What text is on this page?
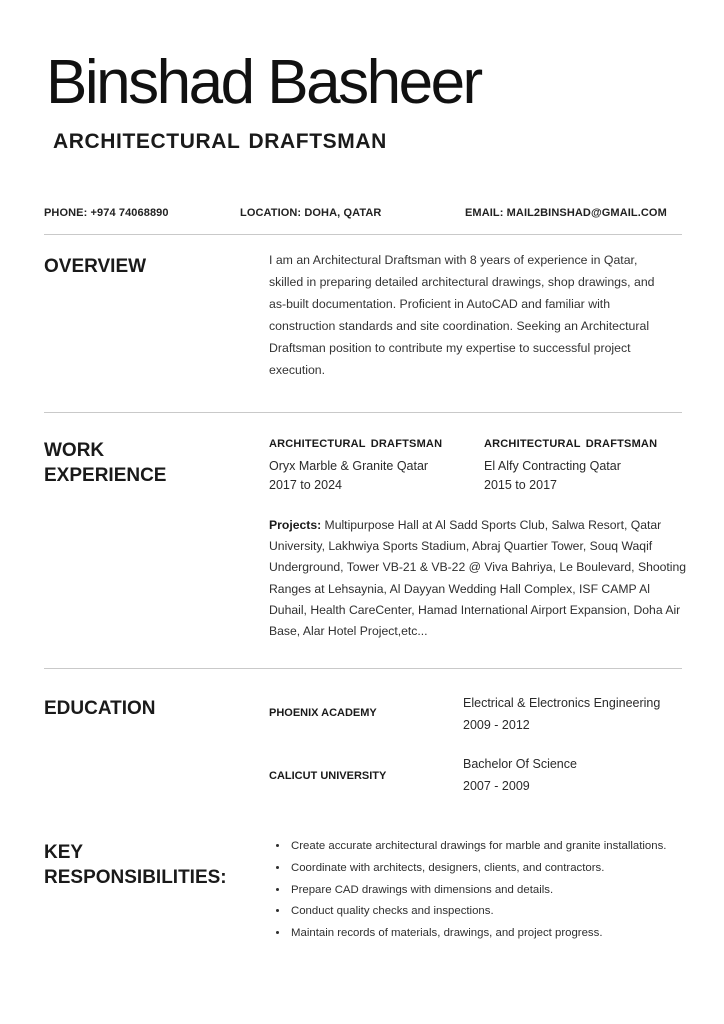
Binshad Basheer
ARCHITECTURAL DRAFTSMAN
PHONE: +974 74068890	LOCATION: DOHA, QATAR	EMAIL: MAIL2BINSHAD@GMAIL.COM
OVERVIEW	I am an Architectural Draftsman with 8 years of experience in Qatar, skilled in preparing detailed architectural drawings, shop drawings, and as-built documentation. Proficient in AutoCAD and familiar with construction standards and site coordination. Seeking an Architectural Draftsman position to contribute my expertise to successful project execution.
WORK
EXPERIENCE
ARCHITECTURAL DRAFTSMAN
Oryx Marble & Granite Qatar
2017 to 2024
ARCHITECTURAL DRAFTSMAN
El Alfy Contracting Qatar
2015 to 2017
Projects: Multipurpose Hall at Al Sadd Sports Club, Salwa Resort, Qatar University, Lakhwiya Sports Stadium, Abraj Quartier Tower, Souq Waqif Underground, Tower VB-21 & VB-22 @ Viva Bahriya, Le Boulevard, Shooting Ranges at Lehsaynia, Al Dayyan Wedding Hall Complex, ISF CAMP Al Duhail, Health CareCenter, Hamad International Airport Expansion, Doha Air Base, Alar Hotel Project,etc...
EDUCATION	PHOENIX ACADEMY
Electrical & Electronics Engineering
2009 - 2012
CALICUT UNIVERSITY
Bachelor Of Science
2007 - 2009
KEY
RESPONSIBILITIES:
• Create accurate architectural drawings for marble and granite installations.
• Coordinate with architects, designers, clients, and contractors.
• Prepare CAD drawings with dimensions and details.
• Conduct quality checks and inspections.
• Maintain records of materials, drawings, and project progress.
